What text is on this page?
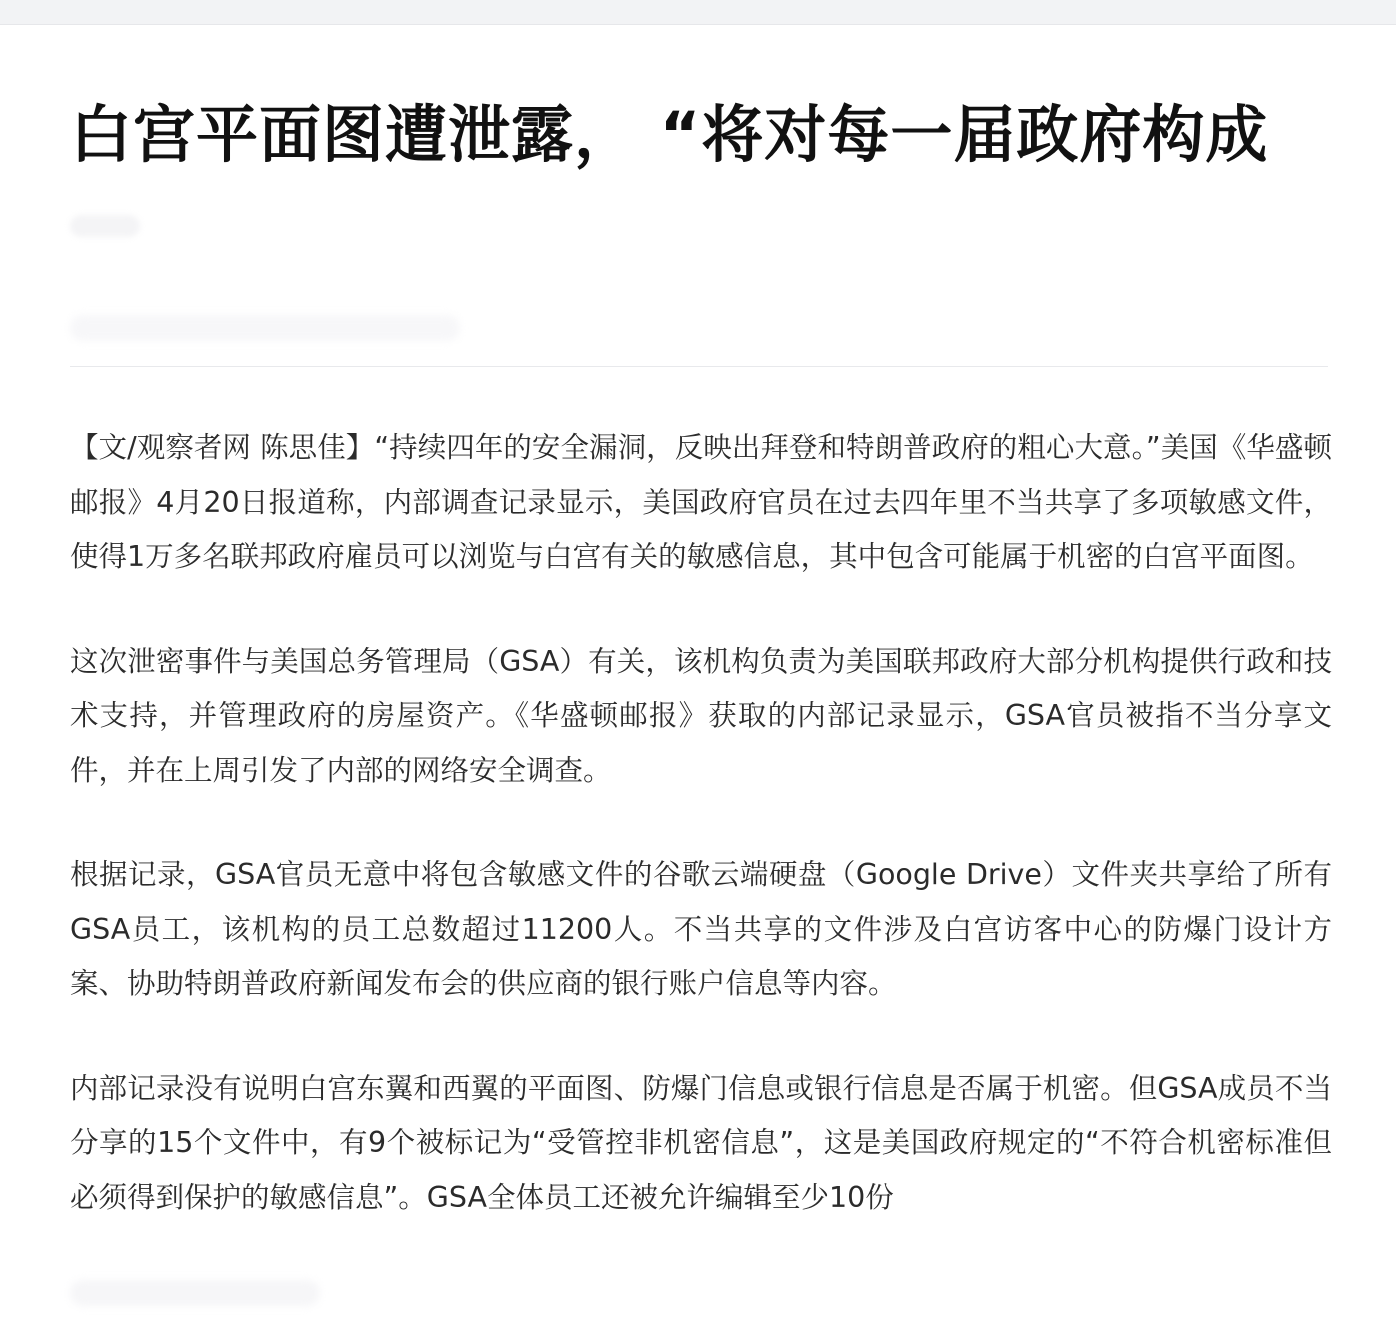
白宫平面图遭泄露， “将对每一届政府构成

【文/观察者网 陈思佳】“持续四年的安全漏洞，反映出拜登和特朗普政府的粗心大意。”美国《华盛顿邮报》4月20日报道称，内部调查记录显示，美国政府官员在过去四年里不当共享了多项敏感文件，使得1万多名联邦政府雇员可以浏览与白宫有关的敏感信息，其中包含可能属于机密的白宫平面图。

这次泄密事件与美国总务管理局（GSA）有关，该机构负责为美国联邦政府大部分机构提供行政和技术支持，并管理政府的房屋资产。《华盛顿邮报》获取的内部记录显示，GSA官员被指不当分享文件，并在上周引发了内部的网络安全调查。

根据记录，GSA官员无意中将包含敏感文件的谷歌云端硬盘（Google Drive）文件夹共享给了所有GSA员工，该机构的员工总数超过11200人。不当共享的文件涉及白宫访客中心的防爆门设计方案、协助特朗普政府新闻发布会的供应商的银行账户信息等内容。

内部记录没有说明白宫东翼和西翼的平面图、防爆门信息或银行信息是否属于机密。但GSA成员不当分享的15个文件中，有9个被标记为“受管控非机密信息”，这是美国政府规定的“不符合机密标准但必须得到保护的敏感信息”。GSA全体员工还被允许编辑至少10份
